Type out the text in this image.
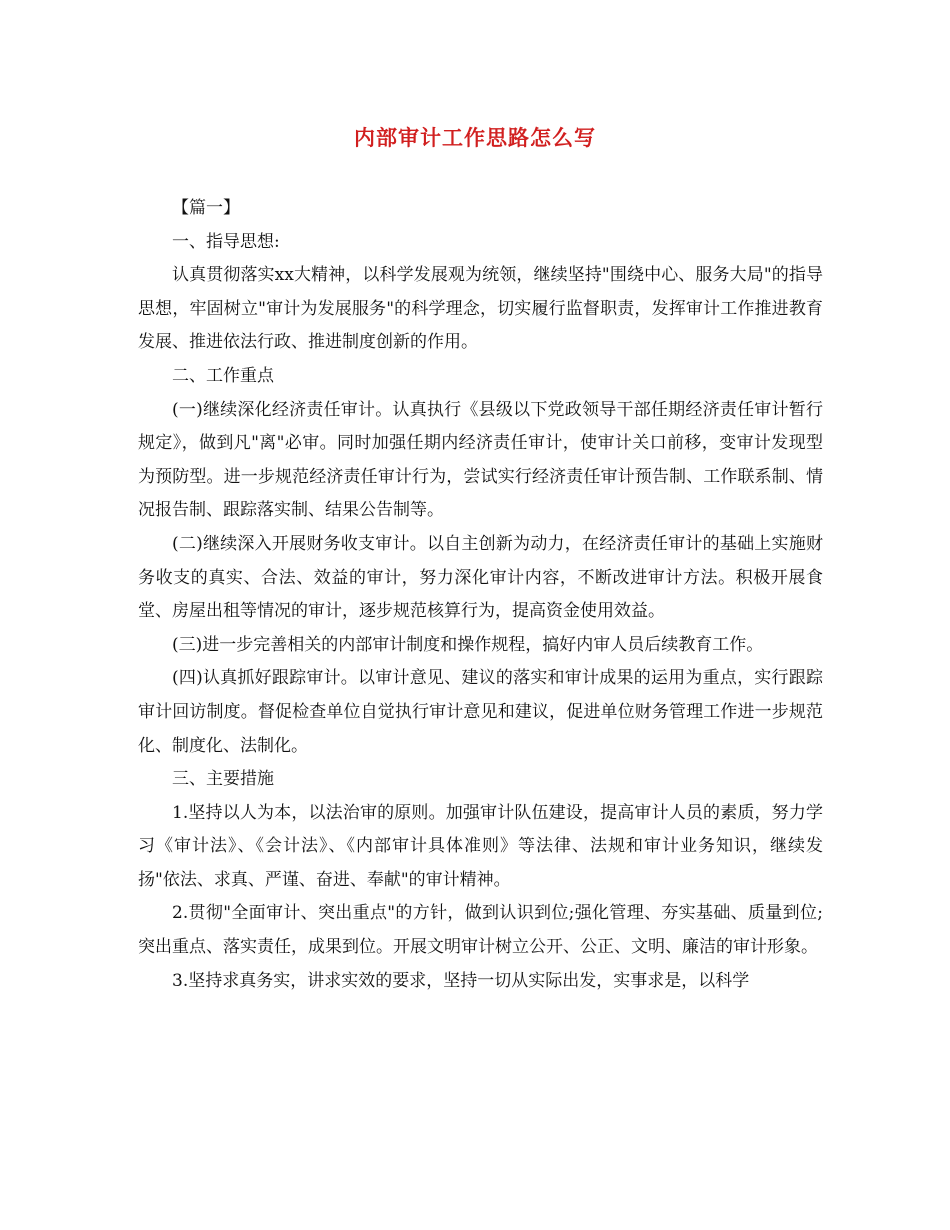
内部审计工作思路怎么写

【篇一】

一、指导思想:

认真贯彻落实xx大精神，以科学发展观为统领，继续坚持"围绕中心、服务大局"的指导思想，牢固树立"审计为发展服务"的科学理念，切实履行监督职责，发挥审计工作推进教育发展、推进依法行政、推进制度创新的作用。

二、工作重点

(一)继续深化经济责任审计。认真执行《县级以下党政领导干部任期经济责任审计暂行规定》，做到凡"离"必审。同时加强任期内经济责任审计，使审计关口前移，变审计发现型为预防型。进一步规范经济责任审计行为，尝试实行经济责任审计预告制、工作联系制、情况报告制、跟踪落实制、结果公告制等。

(二)继续深入开展财务收支审计。以自主创新为动力，在经济责任审计的基础上实施财务收支的真实、合法、效益的审计，努力深化审计内容，不断改进审计方法。积极开展食堂、房屋出租等情况的审计，逐步规范核算行为，提高资金使用效益。

(三)进一步完善相关的内部审计制度和操作规程，搞好内审人员后续教育工作。

(四)认真抓好跟踪审计。以审计意见、建议的落实和审计成果的运用为重点，实行跟踪审计回访制度。督促检查单位自觉执行审计意见和建议，促进单位财务管理工作进一步规范化、制度化、法制化。

三、主要措施

1.坚持以人为本，以法治审的原则。加强审计队伍建设，提高审计人员的素质，努力学习《审计法》、《会计法》、《内部审计具体准则》等法律、法规和审计业务知识，继续发扬"依法、求真、严谨、奋进、奉献"的审计精神。

2.贯彻"全面审计、突出重点"的方针，做到认识到位;强化管理、夯实基础、质量到位;突出重点、落实责任，成果到位。开展文明审计树立公开、公正、文明、廉洁的审计形象。

3.坚持求真务实，讲求实效的要求，坚持一切从实际出发，实事求是，以科学
